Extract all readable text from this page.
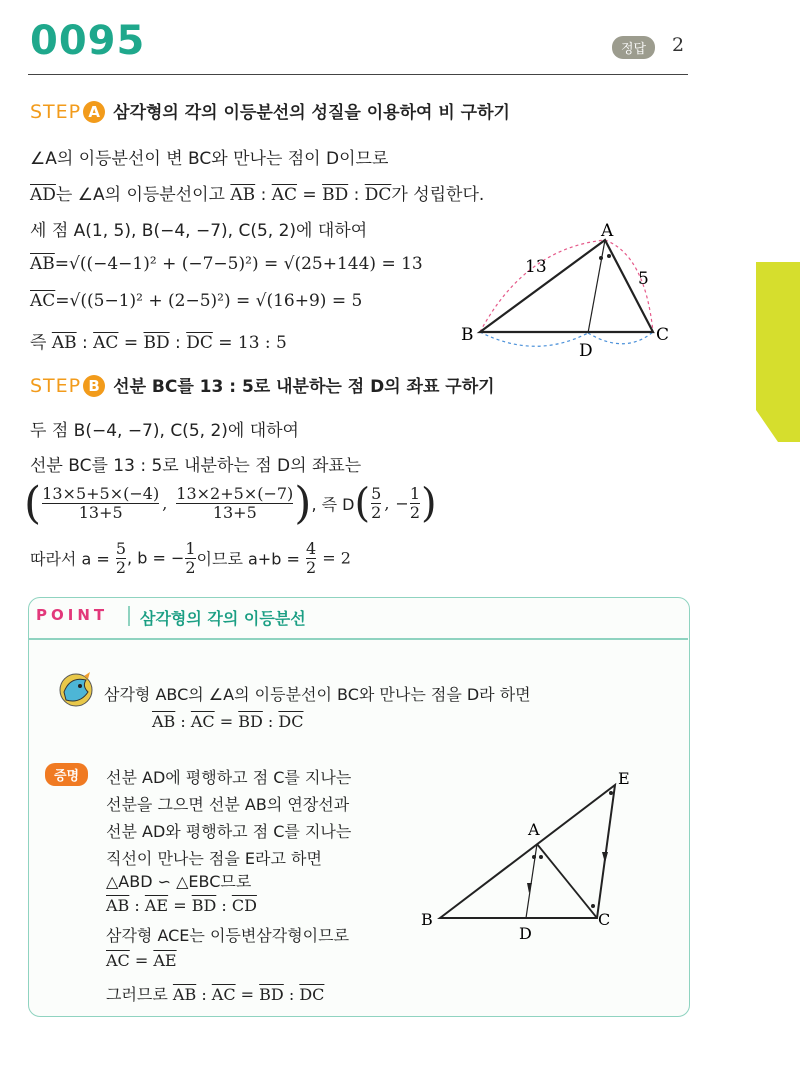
0095	정답	2
STEP A 삼각형의 각의 이등분선의 성질을 이용하여 비 구하기
∠A의 이등분선이 변 BC와 만나는 점이 D이므로
$\overline{AD}$는 ∠A의 이등분선이고 $\overline{AB}$ : $\overline{AC} = \overline{BD}$ : $\overline{DC}$가 성립한다.
세 점 A(1, 5), B(−4, −7), C(5, 2)에 대하여
$\overline{AB}=√((-4-1)^2 + (-7-5)^2) = √(25+144) = 13$
$\overline{AC}=√((5-1)^2 + (2-5)^2) = √(16+9) = 5$
즉 $\overline{AB}$ : $\overline{AC} = \overline{BD}$ : $\overline{DC} = 13$ : 5
A
B	C
D
13
5
STEP B 선분 BC를 13 : 5로 내분하는 점 D의 좌표 구하기
두 점 B(−4, −7), C(5, 2)에 대하여
선분 BC를 13 : 5로 내분하는 점 D의 좌표는
( $\frac{13\times 5+5\times(-4)}{13+5}$ , $\frac{13\times 2+5\times(-7)}{13+5}$ ), 즉 $D( \frac{5}{2}$ , − $\frac{1}{2}$ )
따라서 $a = \frac{5}{2}$ , b = − $\frac{1}{2}$ 이므로 $a+b = \frac{4}{2} = 2$
POINT 삼각형의 각의 이등분선
삼각형 ABC의 ∠A의 이등분선이 BC와 만나는 점을 D라 하면
$\overline{AB}$ : $\overline{AC} = \overline{BD}$ : $\overline{DC}$
증명	선분 AD에 평행하고 점 C를 지나는
선분을 그으면 선분 AB의 연장선과
선분 AD와 평행하고 점 C를 지나는
직선이 만나는 점을 E라고 하면
△ABD ∽ △EBC므로
$\overline{AB}$ : $\overline{AE} = \overline{BD}$ : $\overline{CD}$
삼각형 ACE는 이등변삼각형이므로
$\overline{AC} = \overline{AE}$
그러므로 $\overline{AB}$ : $\overline{AC} = \overline{BD}$ : $\overline{DC}$
A
B	C
D
E
